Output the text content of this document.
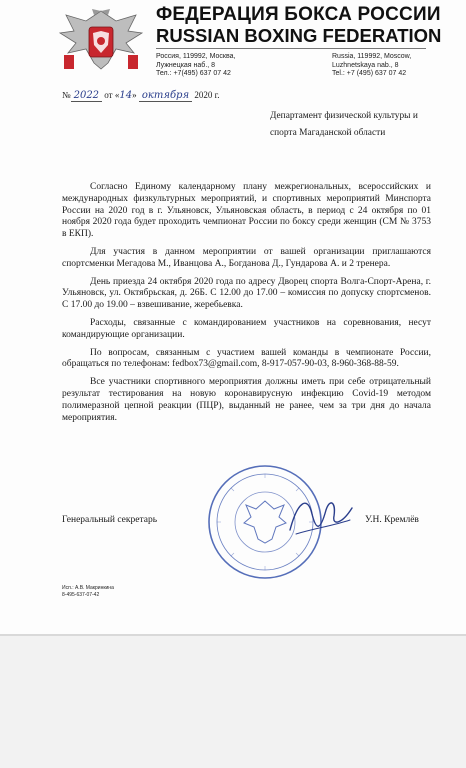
ФЕДЕРАЦИЯ БОКСА РОССИИ
RUSSIAN BOXING FEDERATION
Россия, 119992, Москва,
Лужнецкая наб., 8
Тел.: +7(495) 637 07 42
Russia, 119992, Moscow,
Luzhnetskaya nab., 8
Tel.: +7 (495) 637 07 42
№ 2022 от «14» октября 2020 г.
Департамент физической культуры и
спорта Магаданской области

Согласно Единому календарному плану межрегиональных, всероссийских и международных физкультурных мероприятий, и спортивных мероприятий Минспорта России на 2020 год в г. Ульяновск, Ульяновская область, в период с 24 октября по 01 ноября 2020 года будет проходить чемпионат России по боксу среди женщин (СМ № 3753 в ЕКП).

Для участия в данном мероприятии от вашей организации приглашаются спортсменки Мегадова М., Иванцова А., Богданова Д., Гундарова А. и 2 тренера.

День приезда 24 октября 2020 года по адресу Дворец спорта Волга-Спорт-Арена, г. Ульяновск, ул. Октябрьская, д. 26Б. С 12.00 до 17.00 – комиссия по допуску спортсменов. С 17.00 до 19.00 – взвешивание, жеребьевка.

Расходы, связанные с командированием участников на соревнования, несут командирующие организации.

По вопросам, связанным с участием вашей команды в чемпионате России, обращаться по телефонам: fedbox73@gmail.com, 8-917-057-90-03, 8-960-368-88-59.

Все участники спортивного мероприятия должны иметь при себе отрицательный результат тестирования на новую коронавирусную инфекцию Covid-19 методом полимеразной цепной реакции (ПЦР), выданный не ранее, чем за три дня до начала мероприятия.

Генеральный секретарь	У.Н. Кремлёв
Исп.: А.В. Макринкина
8-495-637-07-42
